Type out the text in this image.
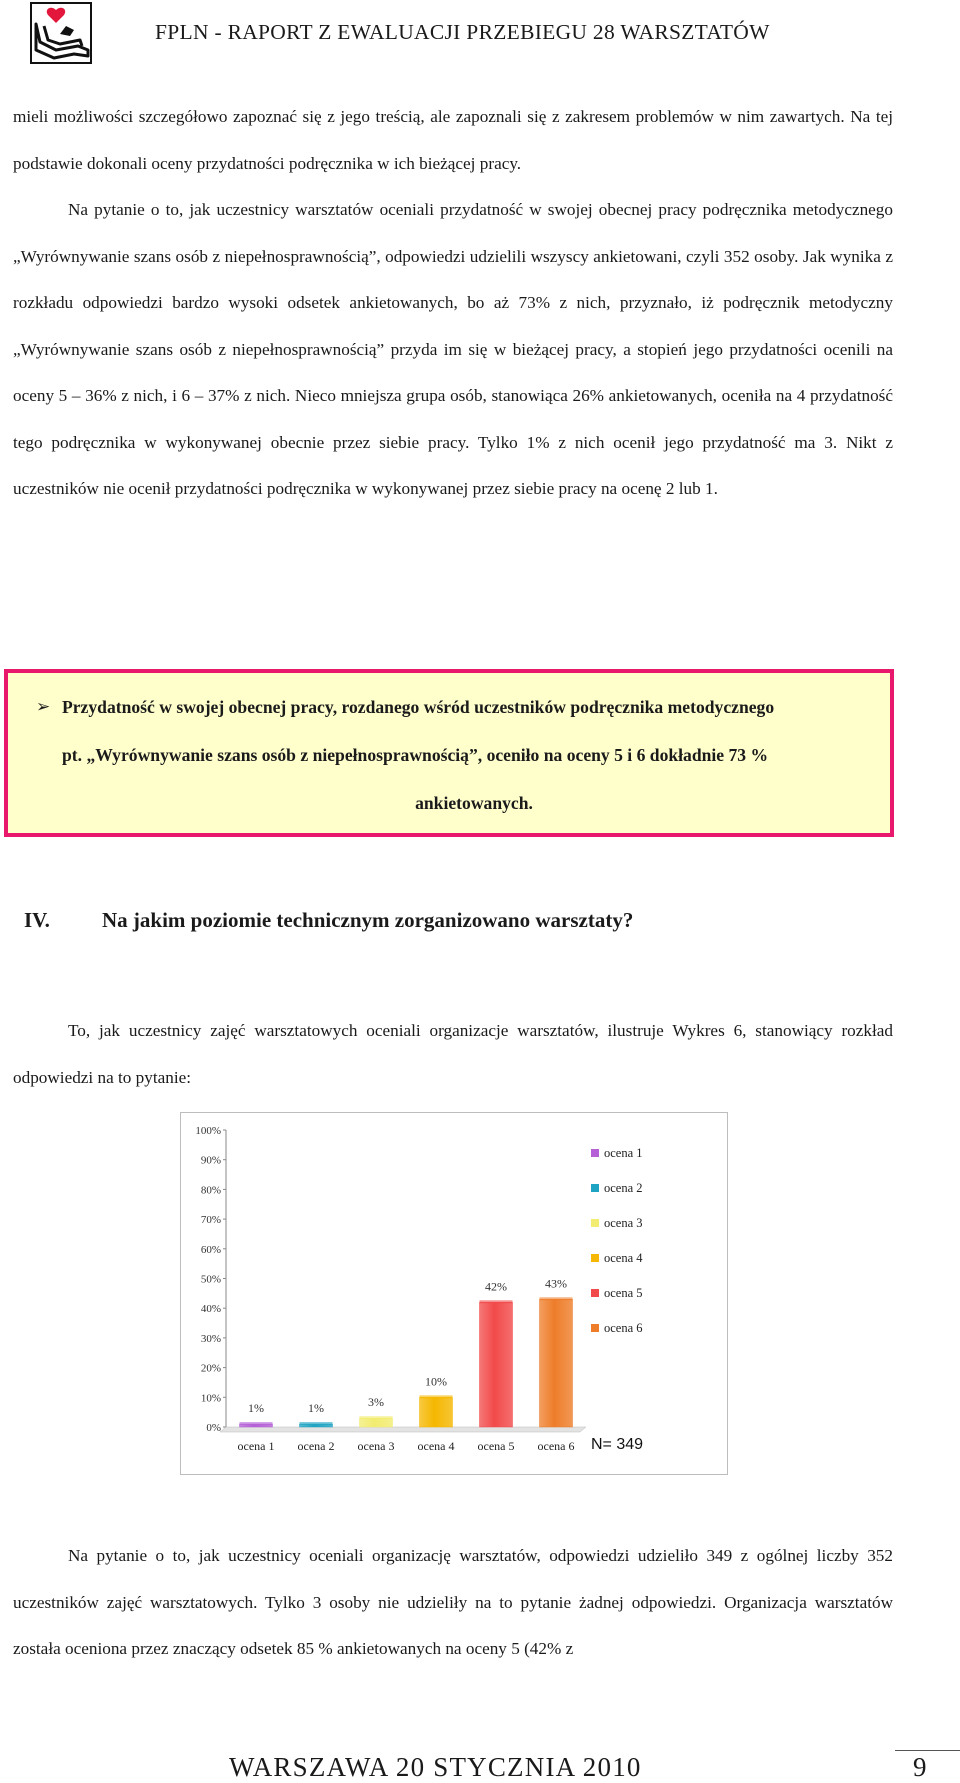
FPLN - RAPORT Z EWALUACJI PRZEBIEGU 28 WARSZTATÓW

mieli możliwości szczegółowo zapoznać się z jego treścią, ale zapoznali się z zakresem problemów w nim zawartych. Na tej podstawie dokonali oceny przydatności podręcznika w ich bieżącej pracy.

Na pytanie o to, jak uczestnicy warsztatów oceniali przydatność w swojej obecnej pracy podręcznika metodycznego „Wyrównywanie szans osób z niepełnosprawnością”, odpowiedzi udzielili wszyscy ankietowani, czyli 352 osoby. Jak wynika z rozkładu odpowiedzi bardzo wysoki odsetek ankietowanych, bo aż 73% z nich, przyznało, iż podręcznik metodyczny „Wyrównywanie szans osób z niepełnosprawnością” przyda im się w bieżącej pracy, a stopień jego przydatności ocenili na oceny 5 – 36% z nich, i 6 – 37% z nich. Nieco mniejsza grupa osób, stanowiąca 26% ankietowanych, oceniła na 4 przydatność tego podręcznika w wykonywanej obecnie przez siebie pracy. Tylko 1% z nich ocenił jego przydatność ma 3. Nikt z uczestników nie ocenił przydatności podręcznika w wykonywanej przez siebie pracy na ocenę 2 lub 1.

➢ Przydatność w swojej obecnej pracy, rozdanego wśród uczestników podręcznika metodycznego
pt. „Wyrównywanie szans osób z niepełnosprawnością”, oceniło na oceny 5 i 6 dokładnie 73 %
ankietowanych.
IV. Na jakim poziomie technicznym zorganizowano warsztaty?

To, jak uczestnicy zajęć warsztatowych oceniali organizacje warsztatów, ilustruje Wykres 6, stanowiący rozkład odpowiedzi na to pytanie:

0%
10%
20%
30%
40%
50%
60%
70%
80%
90%
100%
1%
ocena 1
1%
ocena 2
3%
ocena 3
10%
ocena 4
42%
ocena 5
43%
ocena 6
ocena 1
ocena 2
ocena 3
ocena 4
ocena 5
ocena 6
N= 349

Na pytanie o to, jak uczestnicy oceniali organizację warsztatów, odpowiedzi udzieliło 349 z ogólnej liczby 352 uczestników zajęć warsztatowych. Tylko 3 osoby nie udzieliły na to pytanie żadnej odpowiedzi. Organizacja warsztatów została oceniona przez znaczący odsetek 85 % ankietowanych na oceny 5 (42% z

WARSZAWA 20 STYCZNIA 2010	9
